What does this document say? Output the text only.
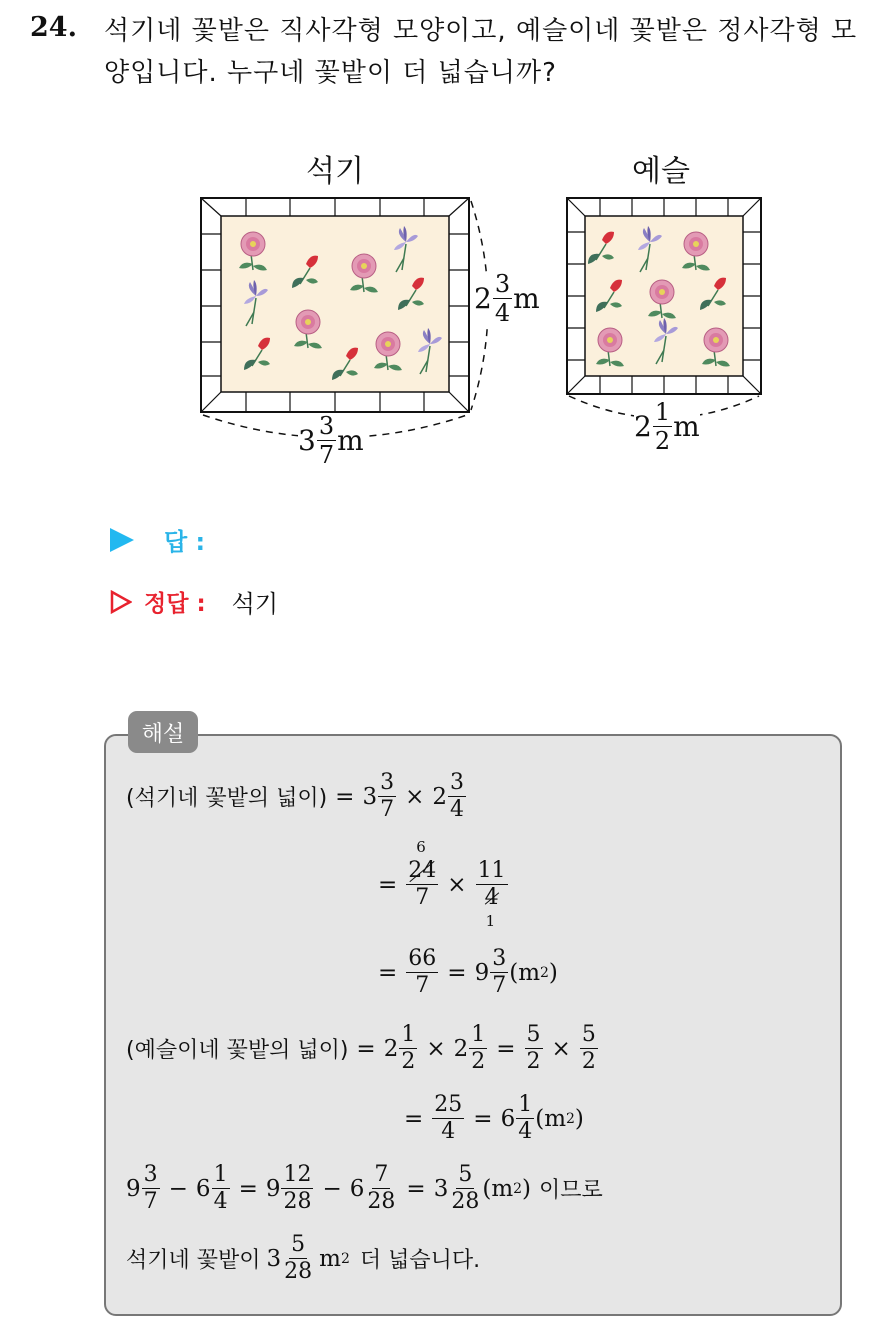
24. 석기네 꽃밭은 직사각형 모양이고, 예슬이네 꽃밭은 정사각형 모양입니다. 누구네 꽃밭이 더 넓습니까?
석기	예슬
$2 \frac{3}{4}$ m
$3 \frac{3}{7}$ m	$2 \frac{1}{2}$ m
답 :
정답 : 석기
해설
(석기네 꽃밭의 넓이) = $3 \frac{3}{7} \times 2 \frac{3}{4}$
=
6
24
7 ×
11
4
1
= $\frac{66}{7} = 9 \frac{3}{7}$ ( m 2 )
(예슬이네 꽃밭의 넓이) = $2 \frac{1}{2} \times 2 \frac{1}{2} = \frac{5}{2} \times \frac{5}{2}$
= $\frac{25}{4} = 6 \frac{1}{4}$ ( m 2 )
$9 \frac{3}{7} - 6 \frac{1}{4} = 9 \frac{12}{28} - 6 \frac{7}{28} = 3 \frac{5}{28}$ ( m 2 ) 이므로
석기네 꽃밭이 $3 \frac{5}{28}$ m 2 더 넓습니다.
